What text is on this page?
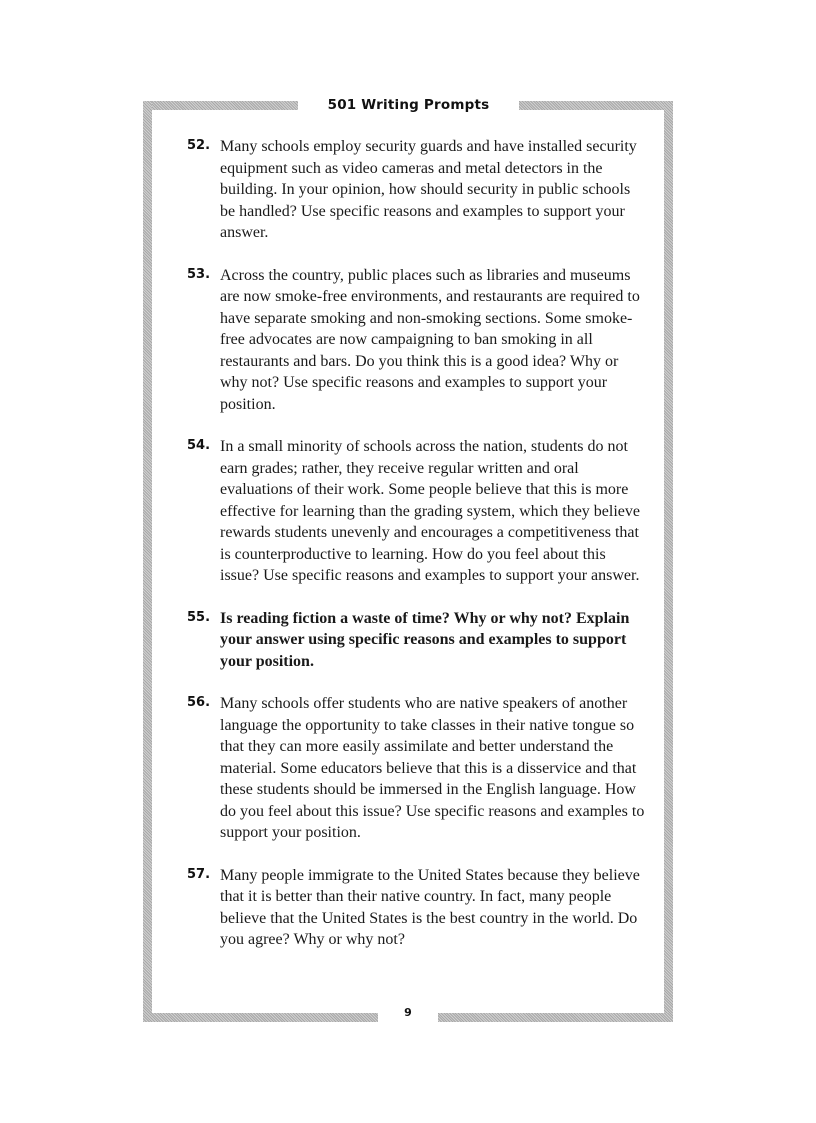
501 Writing Prompts
52. Many schools employ security guards and have installed security equipment such as video cameras and metal detectors in the building. In your opinion, how should security in public schools be handled? Use specific reasons and examples to support your answer.
53. Across the country, public places such as libraries and museums are now smoke-free environments, and restaurants are required to have separate smoking and non-smoking sections. Some smoke-free advocates are now campaigning to ban smoking in all restaurants and bars. Do you think this is a good idea? Why or why not? Use specific reasons and examples to support your position.
54. In a small minority of schools across the nation, students do not earn grades; rather, they receive regular written and oral evaluations of their work. Some people believe that this is more effective for learning than the grading system, which they believe rewards students unevenly and encourages a competitiveness that is counterproductive to learning. How do you feel about this issue? Use specific reasons and examples to support your answer.
55. Is reading fiction a waste of time? Why or why not? Explain your answer using specific reasons and examples to support your position.
56. Many schools offer students who are native speakers of another language the opportunity to take classes in their native tongue so that they can more easily assimilate and better understand the material. Some educators believe that this is a disservice and that these students should be immersed in the English language. How do you feel about this issue? Use specific reasons and examples to support your position.
57. Many people immigrate to the United States because they believe that it is better than their native country. In fact, many people believe that the United States is the best country in the world. Do you agree? Why or why not?
9
